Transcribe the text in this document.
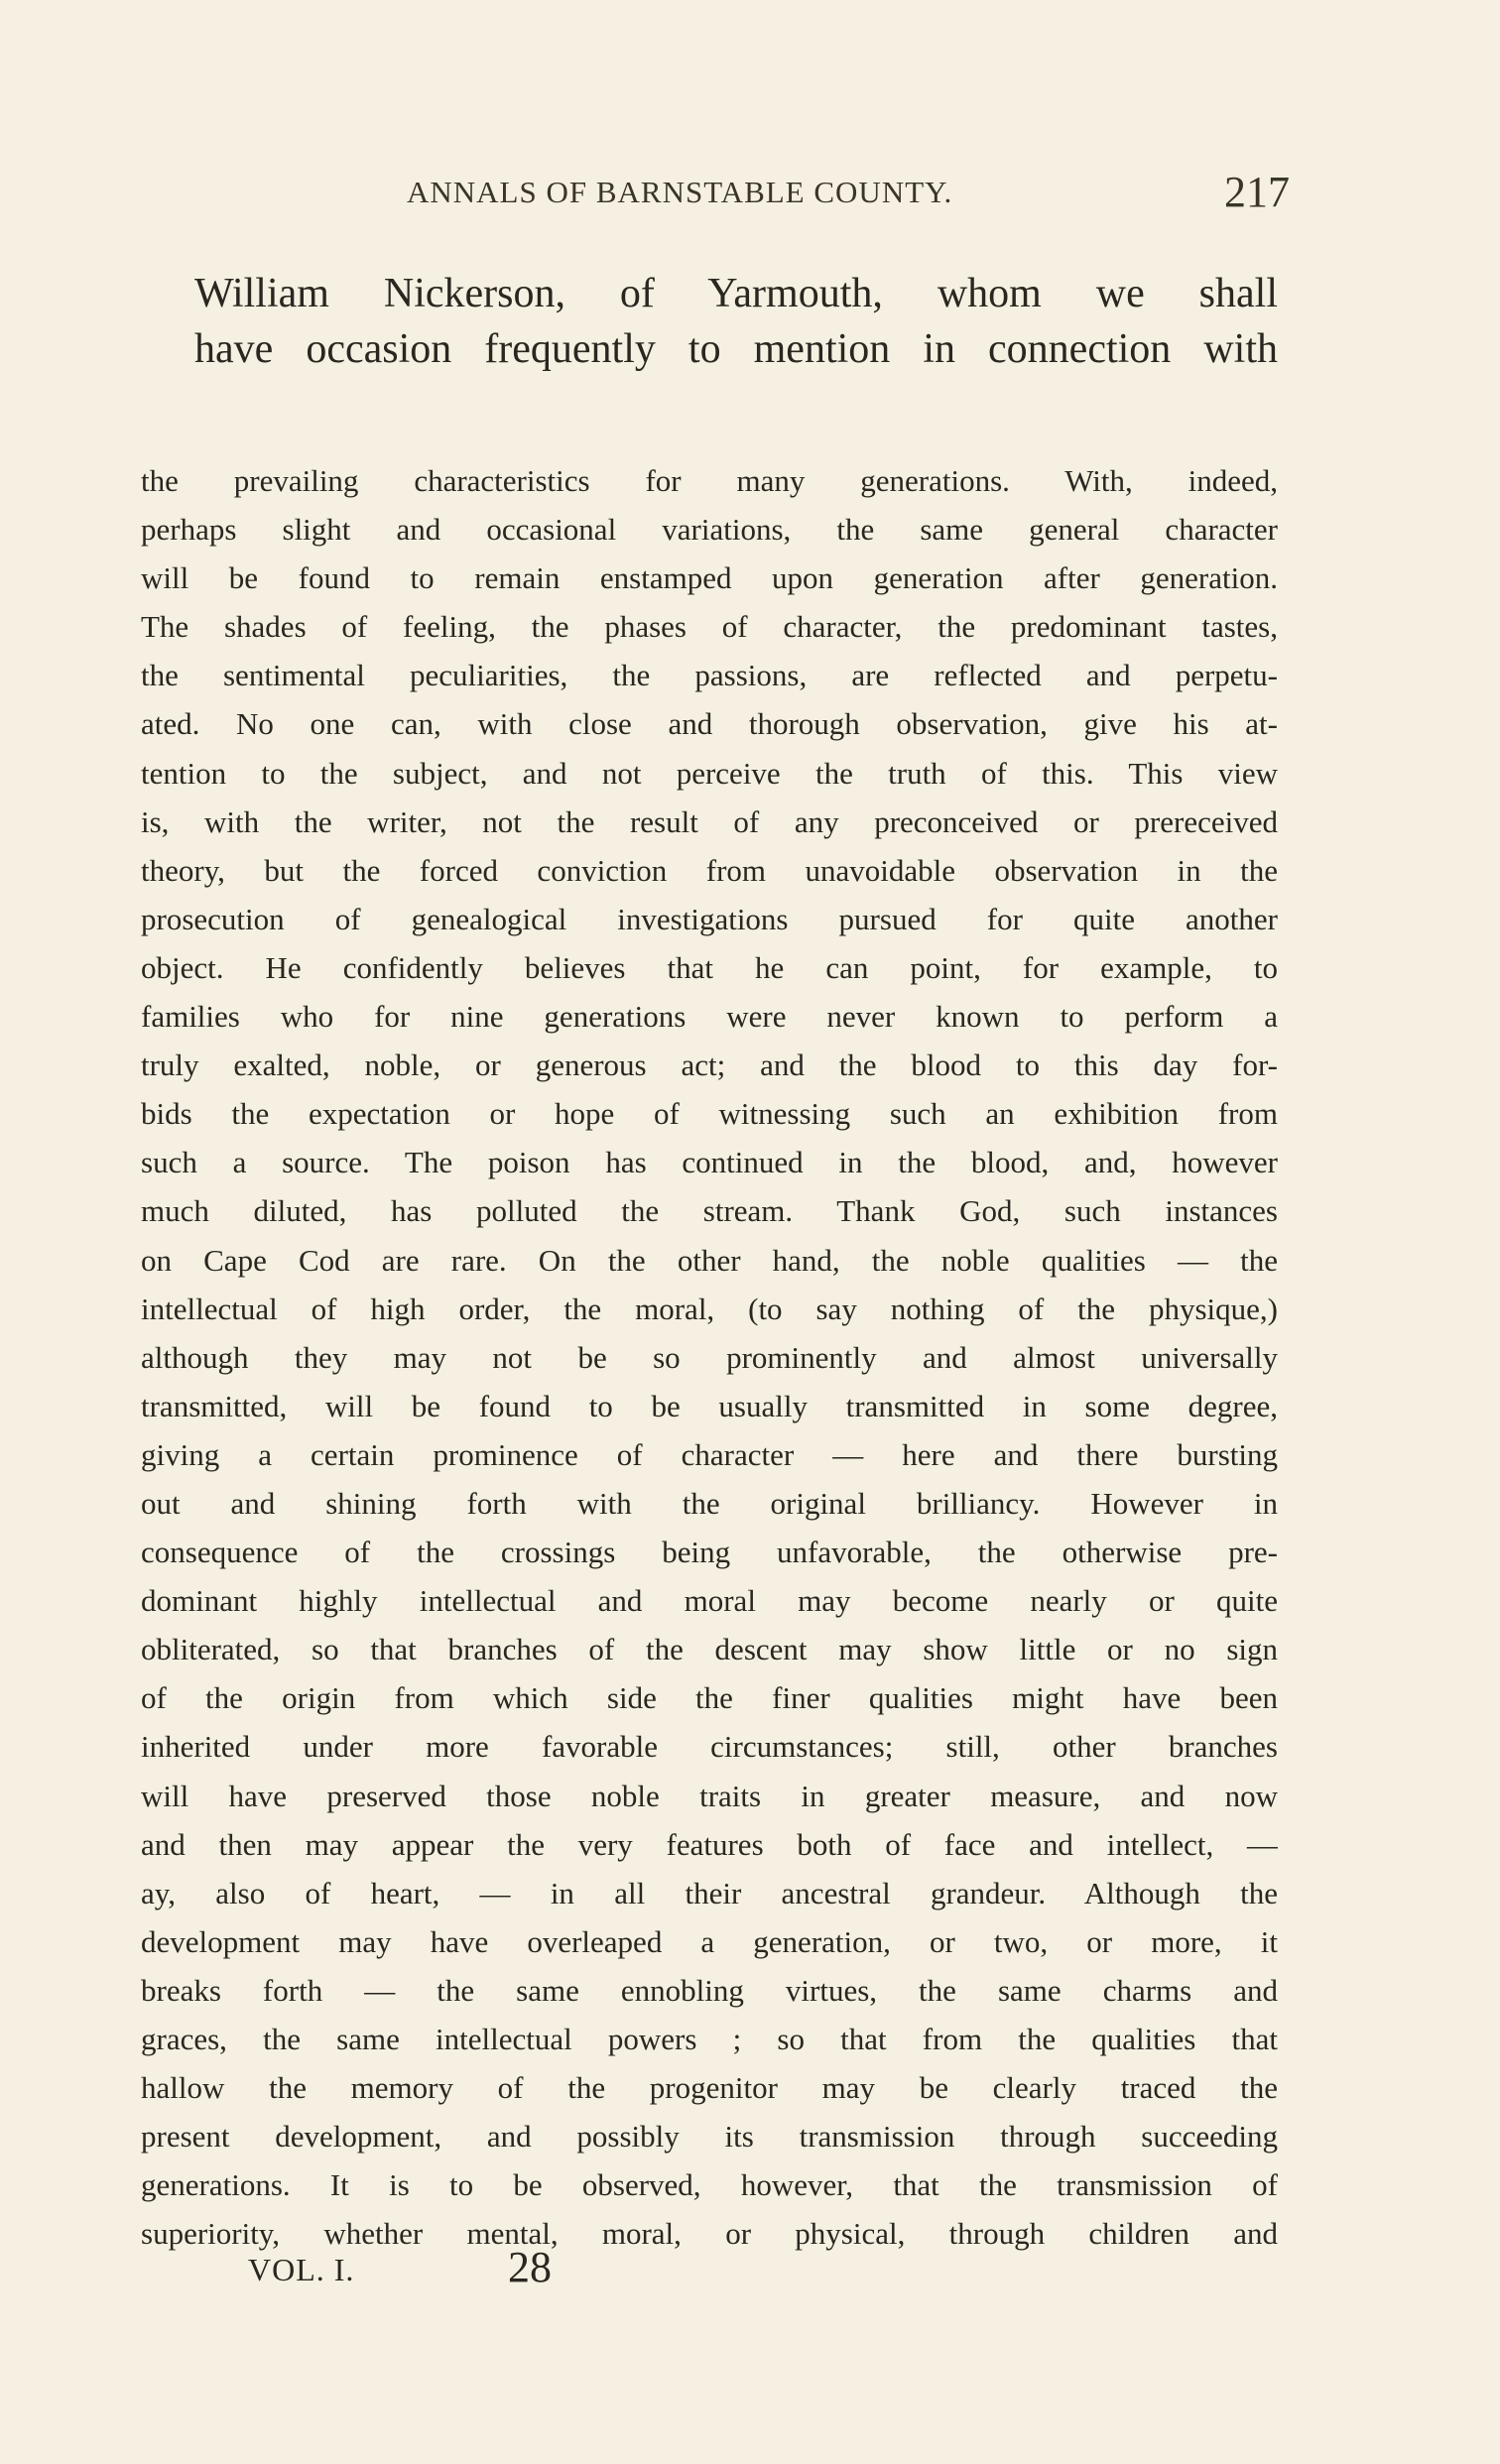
ANNALS OF BARNSTABLE COUNTY.	217
William Nickerson, of Yarmouth, whom we shall
have occasion frequently to mention in connection with
the prevailing characteristics for many generations. With, indeed,
perhaps slight and occasional variations, the same general character
will be found to remain enstamped upon generation after generation.
The shades of feeling, the phases of character, the predominant tastes,
the sentimental peculiarities, the passions, are reflected and perpetu-
ated. No one can, with close and thorough observation, give his at-
tention to the subject, and not perceive the truth of this. This view
is, with the writer, not the result of any preconceived or prereceived
theory, but the forced conviction from unavoidable observation in the
prosecution of genealogical investigations pursued for quite another
object. He confidently believes that he can point, for example, to
families who for nine generations were never known to perform a
truly exalted, noble, or generous act; and the blood to this day for-
bids the expectation or hope of witnessing such an exhibition from
such a source. The poison has continued in the blood, and, however
much diluted, has polluted the stream. Thank God, such instances
on Cape Cod are rare. On the other hand, the noble qualities — the
intellectual of high order, the moral, (to say nothing of the physique,)
although they may not be so prominently and almost universally
transmitted, will be found to be usually transmitted in some degree,
giving a certain prominence of character — here and there bursting
out and shining forth with the original brilliancy. However in
consequence of the crossings being unfavorable, the otherwise pre-
dominant highly intellectual and moral may become nearly or quite
obliterated, so that branches of the descent may show little or no sign
of the origin from which side the finer qualities might have been
inherited under more favorable circumstances; still, other branches
will have preserved those noble traits in greater measure, and now
and then may appear the very features both of face and intellect, —
ay, also of heart, — in all their ancestral grandeur. Although the
development may have overleaped a generation, or two, or more, it
breaks forth — the same ennobling virtues, the same charms and
graces, the same intellectual powers ; so that from the qualities that
hallow the memory of the progenitor may be clearly traced the
present development, and possibly its transmission through succeeding
generations. It is to be observed, however, that the transmission of
superiority, whether mental, moral, or physical, through children and
VOL. I.	28
